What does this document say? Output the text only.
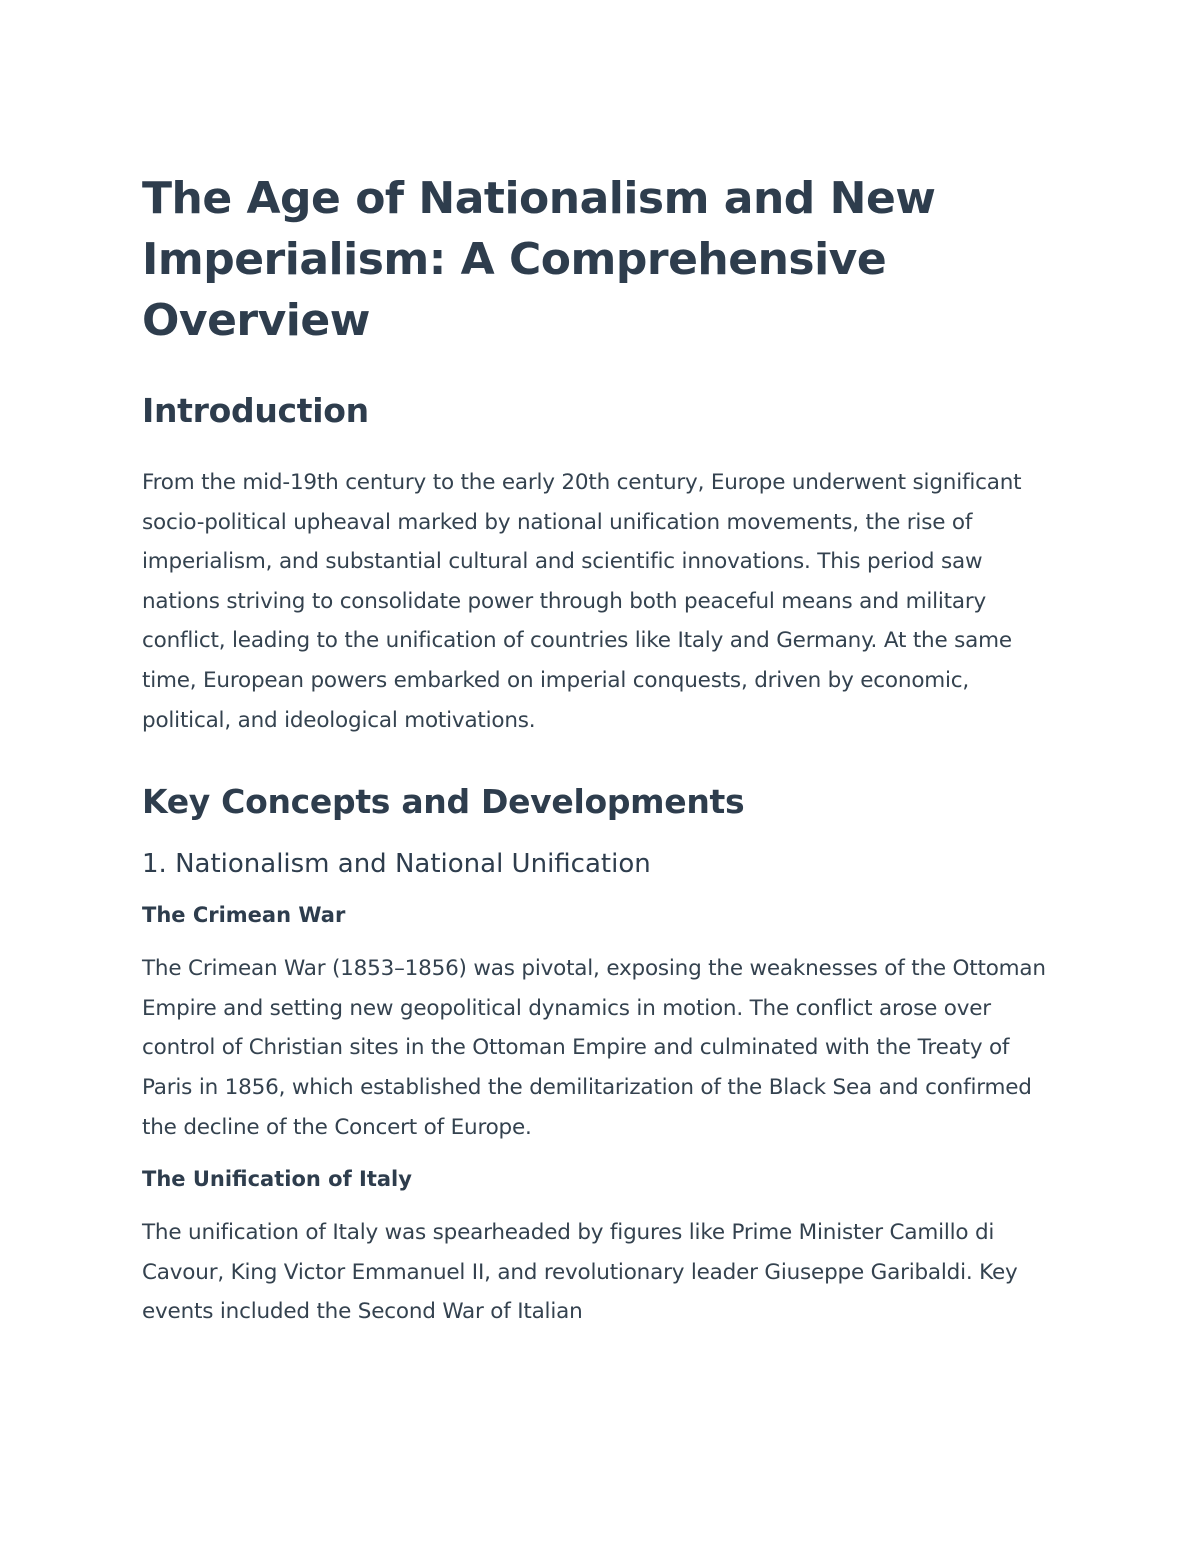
The Age of Nationalism and New Imperialism: A Comprehensive Overview
Introduction

From the mid-19th century to the early 20th century, Europe underwent significant socio-political upheaval marked by national unification movements, the rise of imperialism, and substantial cultural and scientific innovations. This period saw nations striving to consolidate power through both peaceful means and military conflict, leading to the unification of countries like Italy and Germany. At the same time, European powers embarked on imperial conquests, driven by economic, political, and ideological motivations.

Key Concepts and Developments
1. Nationalism and National Unification
The Crimean War

The Crimean War (1853–1856) was pivotal, exposing the weaknesses of the Ottoman Empire and setting new geopolitical dynamics in motion. The conflict arose over control of Christian sites in the Ottoman Empire and culminated with the Treaty of Paris in 1856, which established the demilitarization of the Black Sea and confirmed the decline of the Concert of Europe.

The Unification of Italy

The unification of Italy was spearheaded by figures like Prime Minister Camillo di Cavour, King Victor Emmanuel II, and revolutionary leader Giuseppe Garibaldi. Key events included the Second War of Italian
